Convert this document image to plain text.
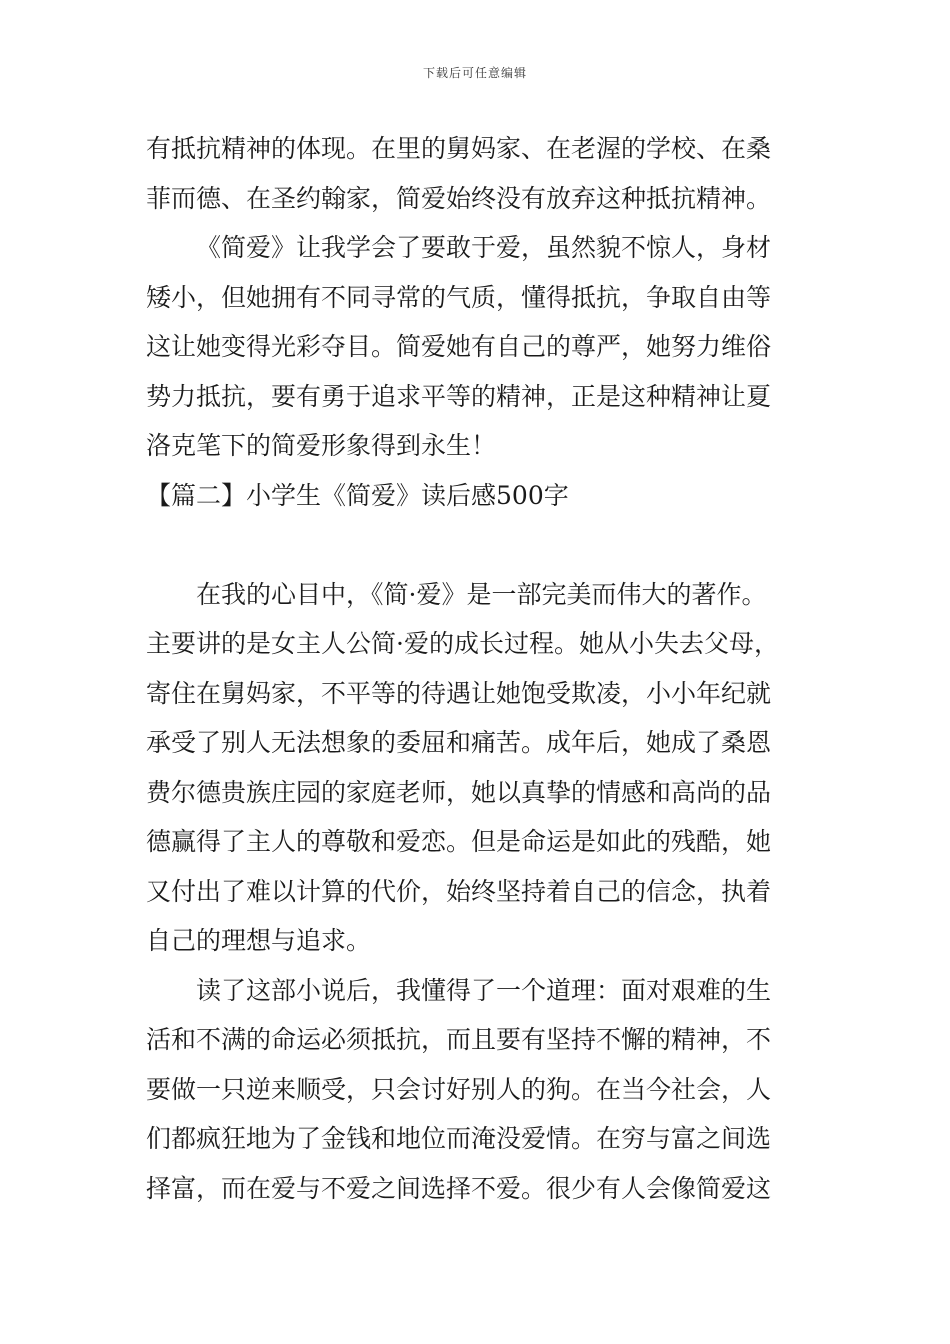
下载后可任意编辑
有抵抗精神的体现。在里的舅妈家、在老渥的学校、在桑
菲而德、在圣约翰家，简爱始终没有放弃这种抵抗精神。
《简爱》让我学会了要敢于爱，虽然貌不惊人，身材
矮小，但她拥有不同寻常的气质，懂得抵抗，争取自由等
这让她变得光彩夺目。简爱她有自己的尊严，她努力维俗
势力抵抗，要有勇于追求平等的精神，正是这种精神让夏
洛克笔下的简爱形象得到永生！
【篇二】小学生《简爱》读后感500字
在我的心目中，《简·爱》是一部完美而伟大的著作。
主要讲的是女主人公简·爱的成长过程。她从小失去父母，
寄住在舅妈家，不平等的待遇让她饱受欺凌，小小年纪就
承受了别人无法想象的委屈和痛苦。成年后，她成了桑恩
费尔德贵族庄园的家庭老师，她以真挚的情感和高尚的品
德赢得了主人的尊敬和爱恋。但是命运是如此的残酷，她
又付出了难以计算的代价，始终坚持着自己的信念，执着
自己的理想与追求。
读了这部小说后，我懂得了一个道理：面对艰难的生
活和不满的命运必须抵抗，而且要有坚持不懈的精神，不
要做一只逆来顺受，只会讨好别人的狗。在当今社会，人
们都疯狂地为了金钱和地位而淹没爱情。在穷与富之间选
择富，而在爱与不爱之间选择不爱。很少有人会像简爱这
